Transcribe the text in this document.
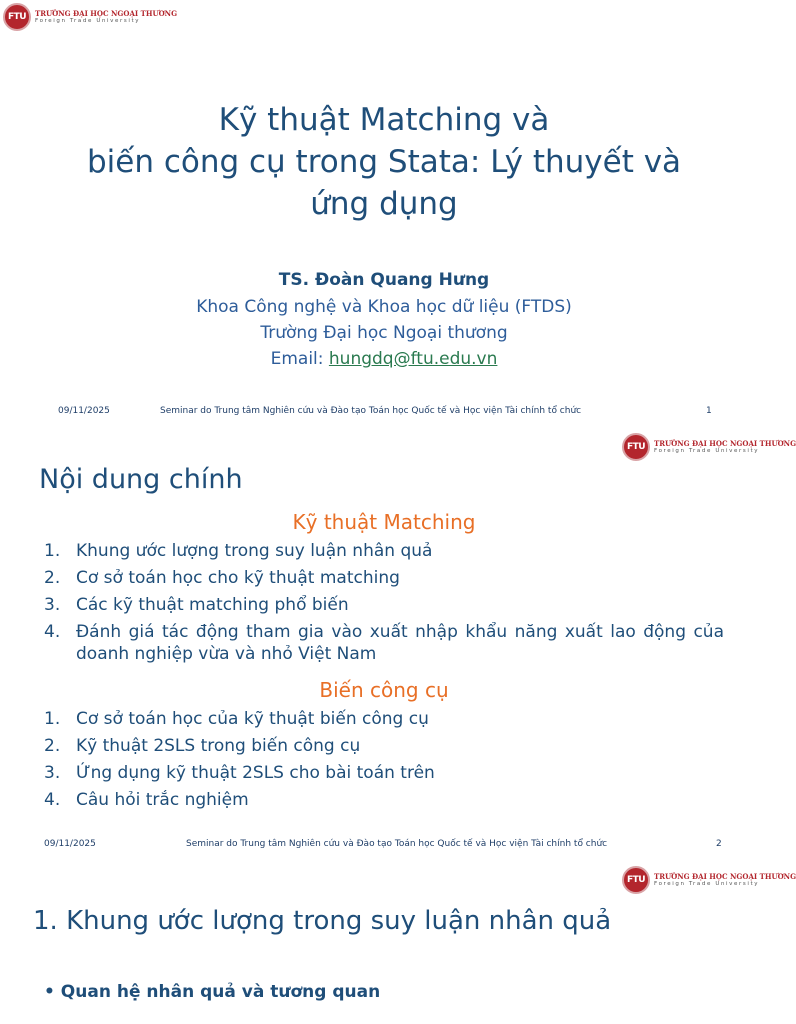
FTU	TRƯỜNG ĐẠI HỌC NGOẠI THƯƠNG
Foreign Trade University
Kỹ thuật Matching và
biến công cụ trong Stata: Lý thuyết và
ứng dụng
TS. Đoàn Quang Hưng
Khoa Công nghệ và Khoa học dữ liệu (FTDS)
Trường Đại học Ngoại thương
Email: hungdq@ftu.edu.vn
09/11/2025	Seminar do Trung tâm Nghiên cứu và Đào tạo Toán học Quốc tế và Học viện Tài chính tổ chức	1
FTU	TRƯỜNG ĐẠI HỌC NGOẠI THƯƠNG
Foreign Trade University
Nội dung chính
Kỹ thuật Matching
1. Khung ước lượng trong suy luận nhân quả
2. Cơ sở toán học cho kỹ thuật matching
3. Các kỹ thuật matching phổ biến
4. Đánh giá tác động tham gia vào xuất nhập khẩu năng xuất lao động của doanh nghiệp vừa và nhỏ Việt Nam
Biến công cụ
1. Cơ sở toán học của kỹ thuật biến công cụ
2. Kỹ thuật 2SLS trong biến công cụ
3. Ứng dụng kỹ thuật 2SLS cho bài toán trên
4. Câu hỏi trắc nghiệm
09/11/2025	Seminar do Trung tâm Nghiên cứu và Đào tạo Toán học Quốc tế và Học viện Tài chính tổ chức	2
FTU	TRƯỜNG ĐẠI HỌC NGOẠI THƯƠNG
Foreign Trade University
1. Khung ước lượng trong suy luận nhân quả
• Quan hệ nhân quả và tương quan
